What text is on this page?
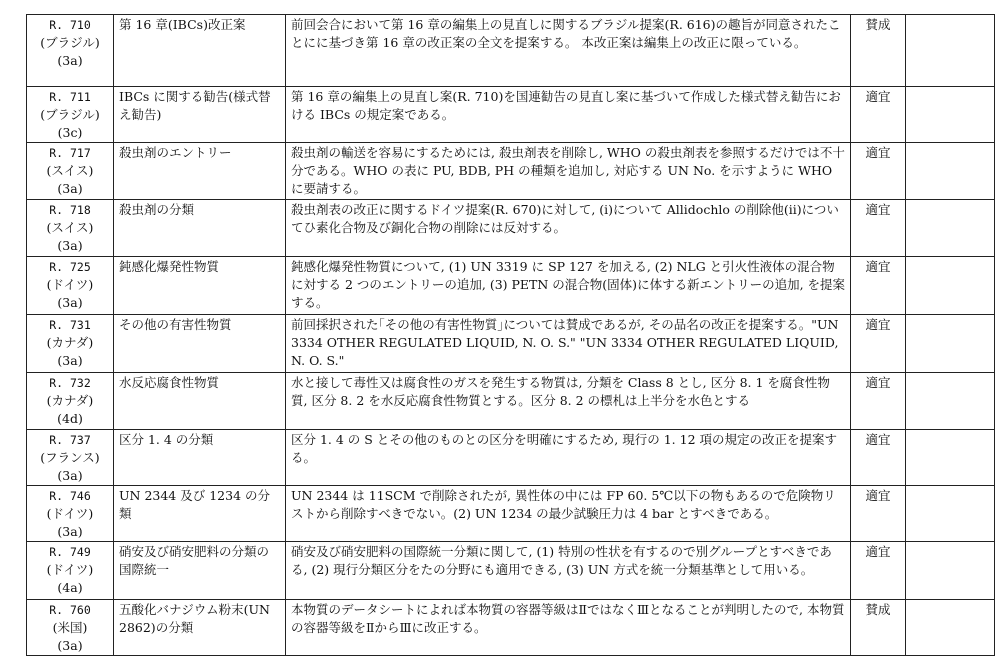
R. 710
(ブラジル)
(3a)	第 16 章(IBCs)改正案	前回会合において第 16 章の編集上の見直しに関するブラジル提案(R. 616)の趣旨が同意されたことにに基づき第 16 章の改正案の全文を提案する。 本改正案は編集上の改正に限っている。	賛成	

R. 711
(ブラジル)
(3c)	IBCs に関する勧告(様式替え勧告)	第 16 章の編集上の見直し案(R. 710)を国連勧告の見直し案に基づいて作成した様式替え勧告における IBCs の規定案である。	適宜	

R. 717
(スイス)
(3a)	殺虫剤のエントリー	殺虫剤の輸送を容易にするためには, 殺虫剤表を削除し, WHO の殺虫剤表を参照するだけでは不十分である。WHO の表に PU, BDB, PH の種類を追加し, 対応する UN No. を示すように WHO に要請する。	適宜	

R. 718
(スイス)
(3a)	殺虫剤の分類	殺虫剤表の改正に関するドイツ提案(R. 670)に対して, (i)について Allidochlo の削除他(ii)についてひ素化合物及び銅化合物の削除には反対する。	適宜	

R. 725
(ドイツ)
(3a)	鈍感化爆発性物質	鈍感化爆発性物質について, (1) UN 3319 に SP 127 を加える, (2) NLG と引火性液体の混合物に対する 2 つのエントリーの追加, (3) PETN の混合物(固体)に体する新エントリーの追加, を提案する。	適宜	

R. 731
(カナダ)
(3a)	その他の有害性物質	前回採択された｢その他の有害性物質｣については賛成であるが, その品名の改正を提案する。"UN 3334 OTHER REGULATED LIQUID, N. O. S." "UN 3334 OTHER REGULATED LIQUID, N. O. S."	適宜	

R. 732
(カナダ)
(4d)	水反応腐食性物質	水と接して毒性又は腐食性のガスを発生する物質は, 分類を Class 8 とし, 区分 8. 1 を腐食性物質, 区分 8. 2 を水反応腐食性物質とする。区分 8. 2 の標札は上半分を水色とする	適宜	

R. 737
(フランス)
(3a)	区分 1. 4 の分類	区分 1. 4 の S とその他のものとの区分を明確にするため, 現行の 1. 12 項の規定の改正を提案する。	適宜	

R. 746
(ドイツ)
(3a)	UN 2344 及び 1234 の分類	UN 2344 は 11SCM で削除されたが, 異性体の中には FP 60. 5℃以下の物もあるので危険物リストから削除すべきでない。(2) UN 1234 の最少試験圧力は 4 bar とすべきである。	適宜	

R. 749
(ドイツ)
(4a)	硝安及び硝安肥料の分類の国際統一	硝安及び硝安肥料の国際統一分類に関して, (1) 特別の性状を有するので別グループとすべきである, (2) 現行分類区分をたの分野にも適用できる, (3) UN 方式を統一分類基準として用いる。	適宜	

R. 760
(米国)
(3a)	五酸化バナジウム粉末(UN 2862)の分類	本物質のデータシートによれば本物質の容器等級はⅡではなくⅢとなることが判明したので, 本物質の容器等級をⅡからⅢに改正する。	賛成	
